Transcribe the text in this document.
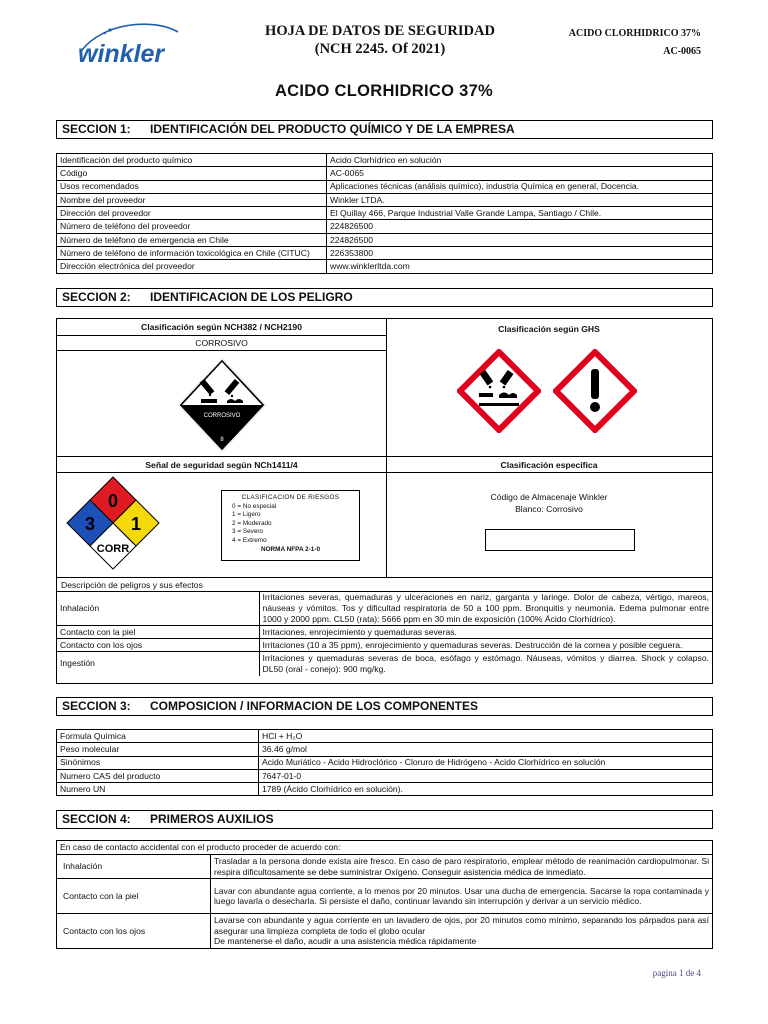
winkler
HOJA DE DATOS DE SEGURIDAD
(NCH 2245. Of 2021)
ACIDO CLORHIDRICO 37%
AC-0065
ACIDO CLORHIDRICO 37%
SECCION 1: IDENTIFICACIÓN DEL PRODUCTO QUÍMICO Y DE LA EMPRESA
Identificación del producto químico	Acido Clorhídrico en solución
Código	AC-0065
Usos recomendados	Aplicaciones técnicas (análisis químico), industria Química en general, Docencia.
Nombre del proveedor	Winkler LTDA.
Dirección del proveedor	El Quillay 466, Parque Industrial Valle Grande Lampa, Santiago / Chile.
Número de teléfono del proveedor	224826500
Número de teléfono de emergencia en Chile	224826500
Número de teléfono de información toxicológica en Chile (CITUC)	226353800
Dirección electrónica del proveedor	www.winklerltda.com
SECCION 2: IDENTIFICACION DE LOS PELIGRO
Clasificación según NCH382 / NCH2190
CORROSIVO
Clasificación según GHS
CORROSIVO
8
Señal de seguridad según NCh1411/4	Clasificación específica
0
3 1
CORR
CLASIFICACION DE RIESGOS
0 = No especial
1 = Ligero
2 = Moderado
3 = Severo
4 = Extremo
NORMA NFPA 2-1-0
Código de Almacenaje Winkler
Blanco: Corrosivo
Descripción de peligros y sus efectos
Inhalación	Irritaciones severas, quemaduras y ulceraciones en nariz, garganta y laringe. Dolor de cabeza, vértigo, mareos, náuseas y vómitos. Tos y dificultad respiratoria de 50 a 100 ppm. Bronquitis y neumonía. Edema pulmonar entre 1000 y 2000 ppm. CL50 (rata): 5666 ppm en 30 min de exposición (100% Ácido Clorhídrico).
Contacto con la piel	Irritaciones, enrojecimiento y quemaduras severas.
Contacto con los ojos	Irritaciones (10 a 35 ppm), enrojecimiento y quemaduras severas. Destrucción de la cornea y posible ceguera.
Ingestión	Irritaciones y quemaduras severas de boca, esófago y estómago. Náuseas, vómitos y diarrea. Shock y colapso. DL50 (oral - conejo): 900 mg/kg.
SECCION 3: COMPOSICION / INFORMACION DE LOS COMPONENTES
Formula Química	HCl + H₂O
Peso molecular	36.46 g/mol
Sinónimos	Acido Muriático - Acido Hidroclórico - Cloruro de Hidrógeno - Acido Clorhídrico en solución
Numero CAS del producto	7647-01-0
Numero UN	1789 (Ácido Clorhídrico en solución).
SECCION 4: PRIMEROS AUXILIOS
En caso de contacto accidental con el producto proceder de acuerdo con:	
Inhalación	Trasladar a la persona donde exista aire fresco. En caso de paro respiratorio, emplear método de reanimación cardiopulmonar. Si respira dificultosamente se debe suministrar Oxígeno. Conseguir asistencia médica de inmediato.
Contacto con la piel	Lavar con abundante agua corriente, a lo menos por 20 minutos. Usar una ducha de emergencia. Sacarse la ropa contaminada y luego lavarla o desecharla. Si persiste el daño, continuar lavando sin interrupción y derivar a un servicio médico.
Contacto con los ojos	Lavarse con abundante y agua corriente en un lavadero de ojos, por 20 minutos como mínimo, separando los párpados para así asegurar una limpieza completa de todo el globo ocular
De mantenerse el daño, acudir a una asistencia médica rápidamente
pagina 1 de 4
